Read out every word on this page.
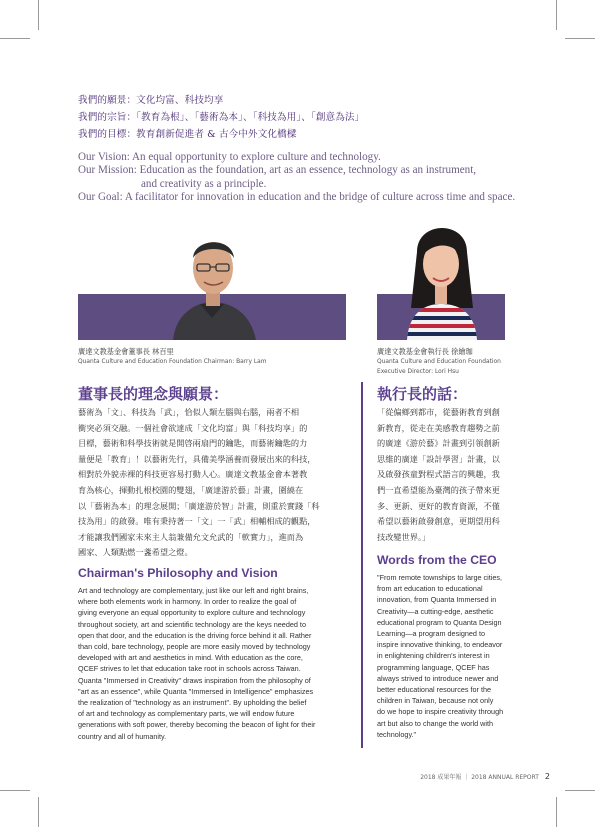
我們的願景：文化均富、科技均享
我們的宗旨：「教育為根」、「藝術為本」、「科技為用」、「創意為法」
我們的目標：教育創新促進者 & 古今中外文化橋樑
Our Vision: An equal opportunity to explore culture and technology.
Our Mission: Education as the foundation, art as an essence, technology as an instrument,
and creativity as a principle.
Our Goal: A facilitator for innovation in education and the bridge of culture across time and space.
廣達文教基金會董事長 林百里
Quanta Culture and Education Foundation Chairman: Barry Lam
廣達文教基金會執行長 徐繪珈
Quanta Culture and Education Foundation
Executive Director: Lori Hsu
董事長的理念與願景：
藝術為「文」、科技為「武」，恰似人類左腦與右腦，兩者不相
衝突必須交融。一個社會欲達成「文化均富」與「科技均享」的
目標，藝術和科學技術就是開啓兩扇門的鑰匙，而藝術鑰匙的力
量便是「教育」！以藝術先行，具備美學涵養而發展出來的科技，
相對於外貌赤裸的科技更容易打動人心。廣達文教基金會本著教
育為核心，揮動扎根校園的雙翅，「廣達游於藝」計畫，圍繞在
以「藝術為本」的理念展開；「廣達游於智」計畫，則重於實踐「科
技為用」的啟發。唯有秉持著一「文」一「武」相輔相成的觀點，
才能讓我們國家未來主人翁兼備允文允武的「軟實力」，進而為
國家、人類點燃一盞希望之燈。
Chairman's Philosophy and Vision
Art and technology are complementary, just like our left and right brains,
where both elements work in harmony. In order to realize the goal of
giving everyone an equal opportunity to explore culture and technology
throughout society, art and scientific technology are the keys needed to
open that door, and the education is the driving force behind it all. Rather
than cold, bare technology, people are more easily moved by technology
developed with art and aesthetics in mind. With education as the core,
QCEF strives to let that education take root in schools across Taiwan.
Quanta "Immersed in Creativity" draws inspiration from the philosophy of
"art as an essence", while Quanta "Immersed in Intelligence" emphasizes
the realization of "technology as an instrument". By upholding the belief
of art and technology as complementary parts, we will endow future
generations with soft power, thereby becoming the beacon of light for their
country and all of humanity.
執行長的話：
「從偏鄉到都市，從藝術教育到創
新教育，從走在美感教育趨勢之前
的廣達《游於藝》計畫到引領創新
思維的廣達「設計學習」計畫，以
及啟發孩童對程式語言的興趣，我
們一直希望能為臺灣的孩子帶來更
多、更新、更好的教育資源，不僅
希望以藝術啟發創意，更期望用科
技改變世界。」
Words from the CEO
"From remote townships to large cities,
from art education to educational
innovation, from Quanta Immersed in
Creativity—a cutting-edge, aesthetic
educational program to Quanta Design
Learning—a program designed to
inspire innovative thinking, to endeavor
in enlightening children's interest in
programming language, QCEF has
always strived to introduce newer and
better educational resources for the
children in Taiwan, because not only
do we hope to inspire creativity through
art but also to change the world with
technology."
2018 成果年報 ｜ 2018 ANNUAL REPORT 2
